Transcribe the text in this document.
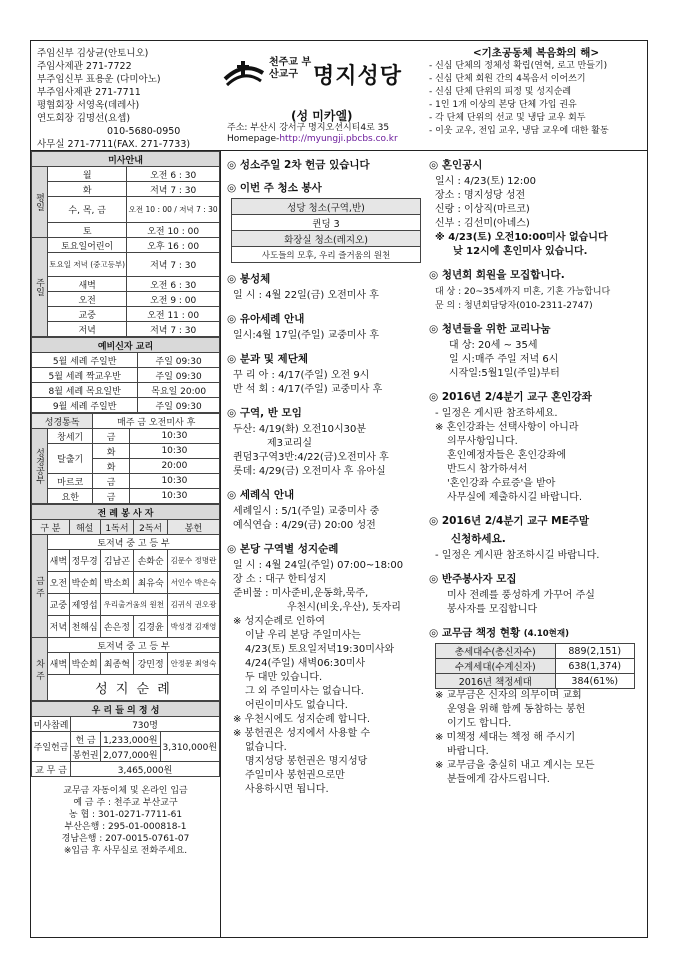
주임신부 김상균(안토니오)
주임사제관 271-7722
부주임신부 표용운 (다미아노)
부주임사제관 271-7711
평협회장 서영옥(데레사)
연도회장 김명선(요셉)
010-5680-0950
사무실 271-7711(FAX. 271-7733)
천주교 부산교구 명지성당
(성 미카엘)
주소: 부산시 강서구 명지오션시티4로 35
Homepage-http://myungji.pbcbs.co.kr
<기초공동체 복음화의 해>
- 신심 단체의 정체성 확립(연혁, 로고 만들기)
- 신심 단체 회원 간의 4복음서 이어쓰기
- 신심 단체 단위의 피정 및 성지순례
- 1인 1개 이상의 본당 단체 가입 권유
- 각 단체 단위의 선교 및 냉담 교우 회두
- 이웃 교우, 전입 교우, 냉담 교우에 대한 활동
미사안내		
평일	월	오전 6 : 30
	화	저녁 7 : 30
	수, 목, 금	오전 10 : 00 / 저녁 7 : 30
	토	오전 10 : 00
주일	토요일어린이	오후 16 : 00
	토요일 저녁 (중고등부)	저녁 7 : 30
	새벽	오전 6 : 30
	오전	오전 9 : 00
	교중	오전 11 : 00
	저녁	저녁 7 : 30
예비신자 교리	
5월 세례 주일반	주일 09:30
5월 세례 짝교우반	주일 09:30
8월 세례 목요일반	목요일 20:00
9월 세례 주일반	주일 09:30
성경통독		매주 금 오전미사 후	
성경공부	창세기	금	10:30
	탈출기	화	10:30
		화	20:00
	마르코	금	10:30
	요한	금	10:30
전 례 봉 사 자					
구 분		해설	1독서	2독서	봉헌
금 주	토저녁 중 고 등 부				
	새벽	정무경	김남곤	손화순	김문수 정명란
	오전	박순희	박소희	최유숙	서인수 박은숙
	교중	제영섭	우리출거움의 원천		김귀식 권오광
	저녁	천해심	손은정	김경윤	박성경 김재영
차 주	토저녁 중 고 등 부				
	새벽	박순희	최종혁	강민정	안정문 최영숙
	성 지 순 례				
우 리 들 의 정 성			
미사참례	730명		
주일헌금	헌 금	1,233,000원	3,310,000원
	봉헌권	2,077,000원	
교 무 금	3,465,000원		
교무금 자동이체 및 온라인 입금
예 금 주 : 천주교 부산교구
농 협 : 301-0271-7711-61
부산은행 : 295-01-000818-1
경남은행 : 207-0015-0761-07
※입금 후 사무실로 전화주세요.
◎ 성소주일 2차 헌금 있습니다
◎ 이번 주 청소 봉사
성당 청소(구역,반)
퀸딩 3
화장실 청소(레지오)
사도들의 모후, 우리 즐거움의 원천
◎ 봉성체
일 시 : 4월 22일(금) 오전미사 후
◎ 유아세례 안내
일시:4월 17일(주일) 교중미사 후
◎ 분과 및 제단체
꾸 리 아 : 4/17(주일) 오전 9시
반 석 회 : 4/17(주일) 교중미사 후
◎ 구역, 반 모임
두산: 4/19(화) 오전10시30분
제3교리실
퀸덤3구역3반:4/22(금)오전미사 후
롯데: 4/29(금) 오전미사 후 유아실
◎ 세례식 안내
세례일시 : 5/1(주일) 교중미사 중
예식연습 : 4/29(금) 20:00 성전
◎ 본당 구역별 성지순례
일 시 : 4월 24일(주일) 07:00~18:00
장 소 : 대구 한티성지
준비물 : 미사준비,운동화,묵주,
우천시(비옷,우산), 돗자리
※ 성지순례로 인하여
이날 우리 본당 주일미사는
4/23(토) 토요일저녁19:30미사와
4/24(주일) 새벽06:30미사
두 대만 있습니다.
그 외 주일미사는 없습니다.
어린이미사도 없습니다.
※ 우천시에도 성지순례 합니다.
※ 봉헌권은 성지에서 사용할 수
없습니다.
명지성당 봉헌권은 명지성당
주일미사 봉헌권으로만
사용하시면 됩니다.
◎ 혼인공시
일시 : 4/23(토) 12:00
장소 : 명지성당 성전
신랑 : 이상직(마르코)
신부 : 김선미(아녜스)
※ 4/23(토) 오전10:00미사 없습니다
낮 12시에 혼인미사 있습니다.
◎ 청년회 회원을 모집합니다.
대 상 : 20~35세까지 미혼, 기혼 가능합니다
문 의 : 청년회담당자(010-2311-2747)
◎ 청년들을 위한 교리나눔
대 상: 20세 ~ 35세
일 시:매주 주일 저녁 6시
시작일:5월1일(주일)부터
◎ 2016년 2/4분기 교구 혼인강좌
- 일정은 게시판 참조하세요.
※ 혼인강좌는 선택사항이 아니라
의무사항입니다.
혼인예정자들은 혼인강좌에
반드시 참가하셔서
'혼인강좌 수료증'을 받아
사무실에 제출하시길 바랍니다.
◎ 2016년 2/4분기 교구 ME주말
신청하세요.
- 일정은 게시판 참조하시길 바랍니다.
◎ 반주봉사자 모집
미사 전례를 풍성하게 가꾸어 주실
봉사자를 모집합니다
◎ 교무금 책정 현황 (4.10현재)
총세대수(총신자수)	889(2,151)
수계세대(수계신자)	638(1,374)
2016년 책정세대	384(61%)
※ 교무금은 신자의 의무이며 교회
운영을 위해 함께 동참하는 봉헌
이기도 합니다.
※ 미책정 세대는 책정 해 주시기
바랍니다.
※ 교무금을 충실히 내고 계시는 모든
분들에게 감사드립니다.
